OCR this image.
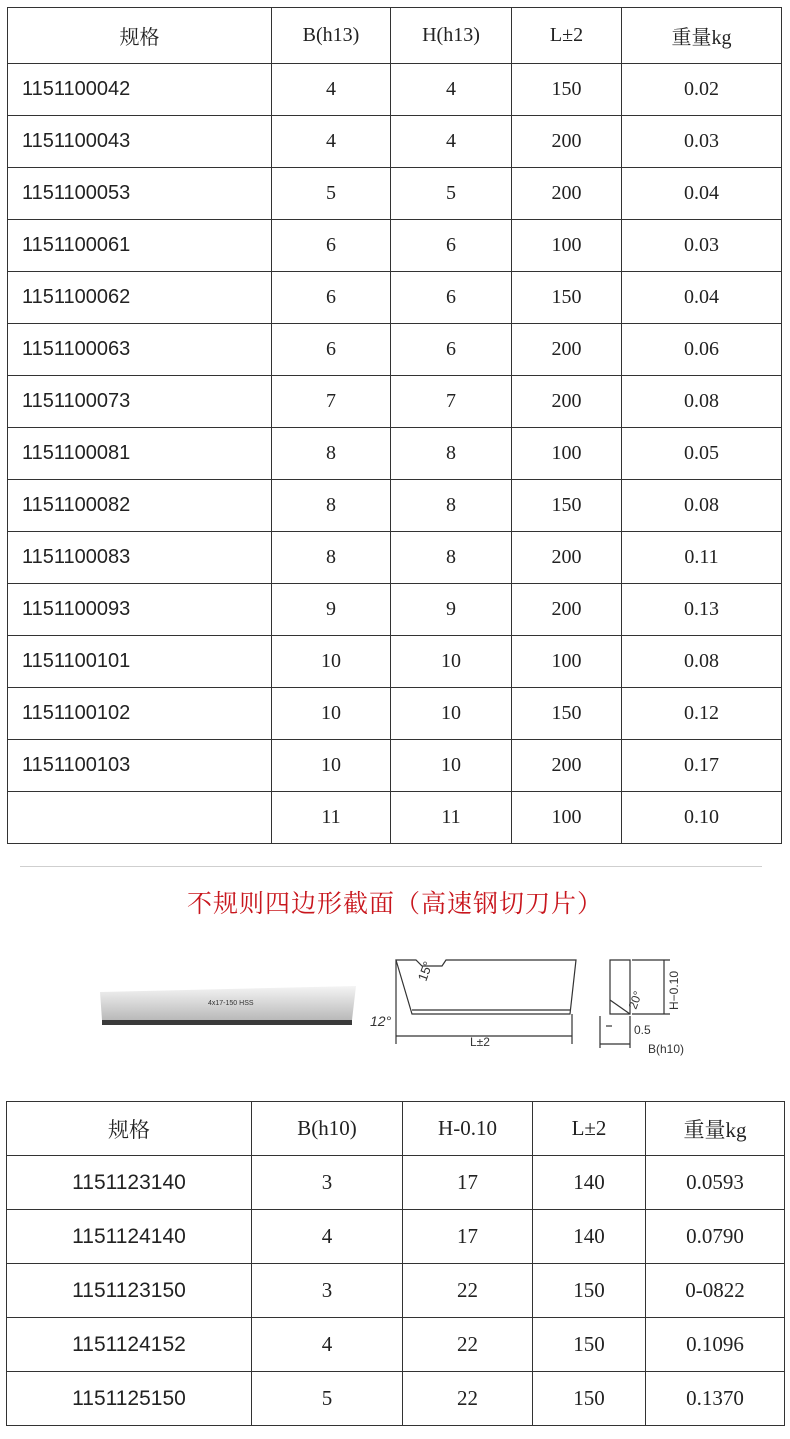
规格	B(h13)	H(h13)	L±2	重量kg
1151100042	4	4	150	0.02
1151100043	4	4	200	0.03
1151100053	5	5	200	0.04
1151100061	6	6	100	0.03
1151100062	6	6	150	0.04
1151100063	6	6	200	0.06
1151100073	7	7	200	0.08
1151100081	8	8	100	0.05
1151100082	8	8	150	0.08
1151100083	8	8	200	0.11
1151100093	9	9	200	0.13
1151100101	10	10	100	0.08
1151100102	10	10	150	0.12
1151100103	10	10	200	0.17
	11	11	100	0.10
不规则四边形截面（高速钢切刀片）
4x17-150 HSS
15°
12°
L±2
H−0.10
20°
0.5
B(h10)
规格	B(h10)	H-0.10	L±2	重量kg
1151123140	3	17	140	0.0593
1151124140	4	17	140	0.0790
1151123150	3	22	150	0-0822
1151124152	4	22	150	0.1096
1151125150	5	22	150	0.1370
